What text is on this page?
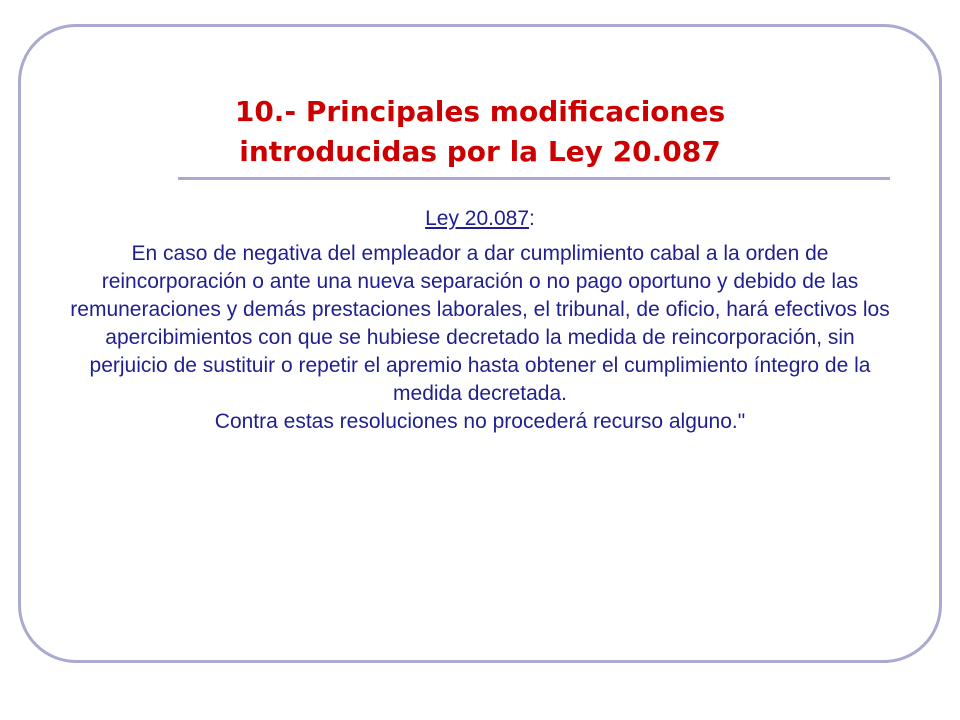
10.- Principales modificaciones
introducidas por la Ley 20.087
Ley 20.087:

En caso de negativa del empleador a dar cumplimiento cabal a la orden de reincorporación o ante una nueva separación o no pago oportuno y debido de las remuneraciones y demás prestaciones laborales, el tribunal, de oficio, hará efectivos los apercibimientos con que se hubiese decretado la medida de reincorporación, sin perjuicio de sustituir o repetir el apremio hasta obtener el cumplimiento íntegro de la medida decretada.

Contra estas resoluciones no procederá recurso alguno."
